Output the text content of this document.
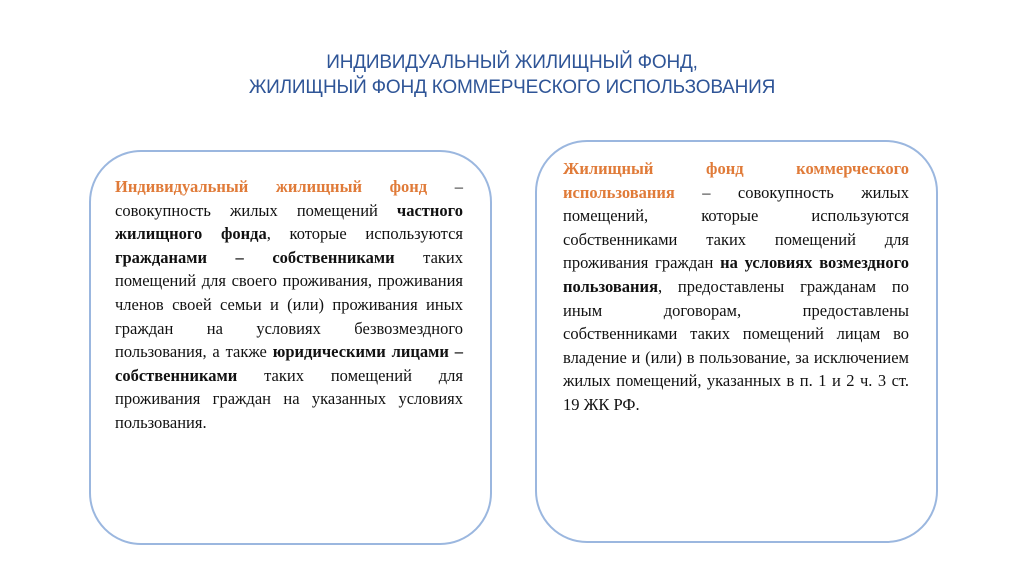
ИНДИВИДУАЛЬНЫЙ ЖИЛИЩНЫЙ ФОНД,
ЖИЛИЩНЫЙ ФОНД КОММЕРЧЕСКОГО ИСПОЛЬЗОВАНИЯ
Индивидуальный жилищный фонд – совокупность жилых помещений частного жилищного фонда, которые используются гражданами – собственниками таких помещений для своего проживания, проживания членов своей семьи и (или) проживания иных граждан на условиях безвозмездного пользования, а также юридическими лицами – собственниками таких помещений для проживания граждан на указанных условиях пользования.
Жилищный фонд коммерческого использования – совокупность жилых помещений, которые используются собственниками таких помещений для проживания граждан на условиях возмездного пользования, предоставлены гражданам по иным договорам, предоставлены собственниками таких помещений лицам во владение и (или) в пользование, за исключением жилых помещений, указанных в п. 1 и 2 ч. 3 ст. 19 ЖК РФ.
